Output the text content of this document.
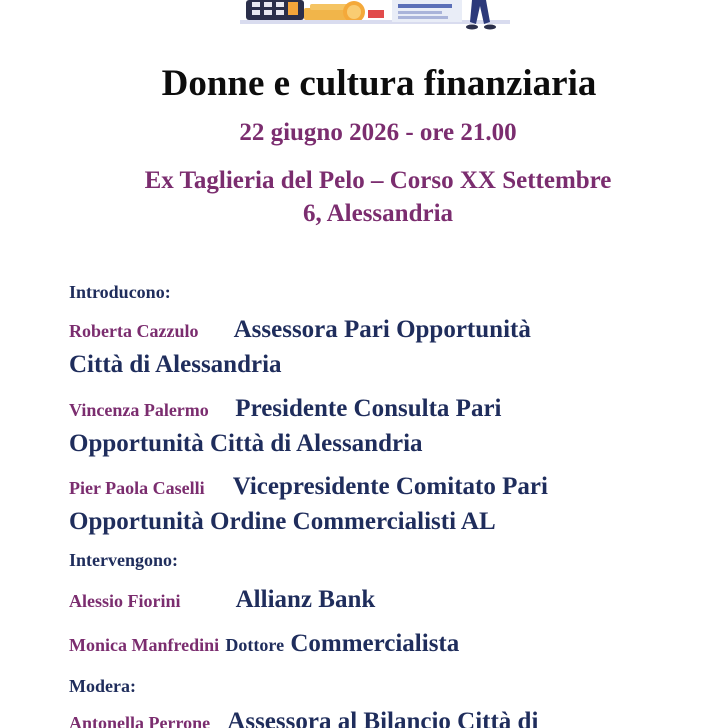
Donne e cultura finanziaria
22 giugno 2026 - ore 21.00
Ex Taglieria del Pelo – Corso XX Settembre
6, Alessandria
Introducono:
Roberta Cazzulo Assessora Pari Opportunità
Città di Alessandria
Vincenza Palermo Presidente Consulta Pari
Opportunità Città di Alessandria
Pier Paola Caselli Vicepresidente Comitato Pari
Opportunità Ordine Commercialisti AL
Intervengono:
Alessio Fiorini Allianz Bank
Monica Manfredini Dottore Commercialista
Modera:
Antonella Perrone Assessora al Bilancio Città di
